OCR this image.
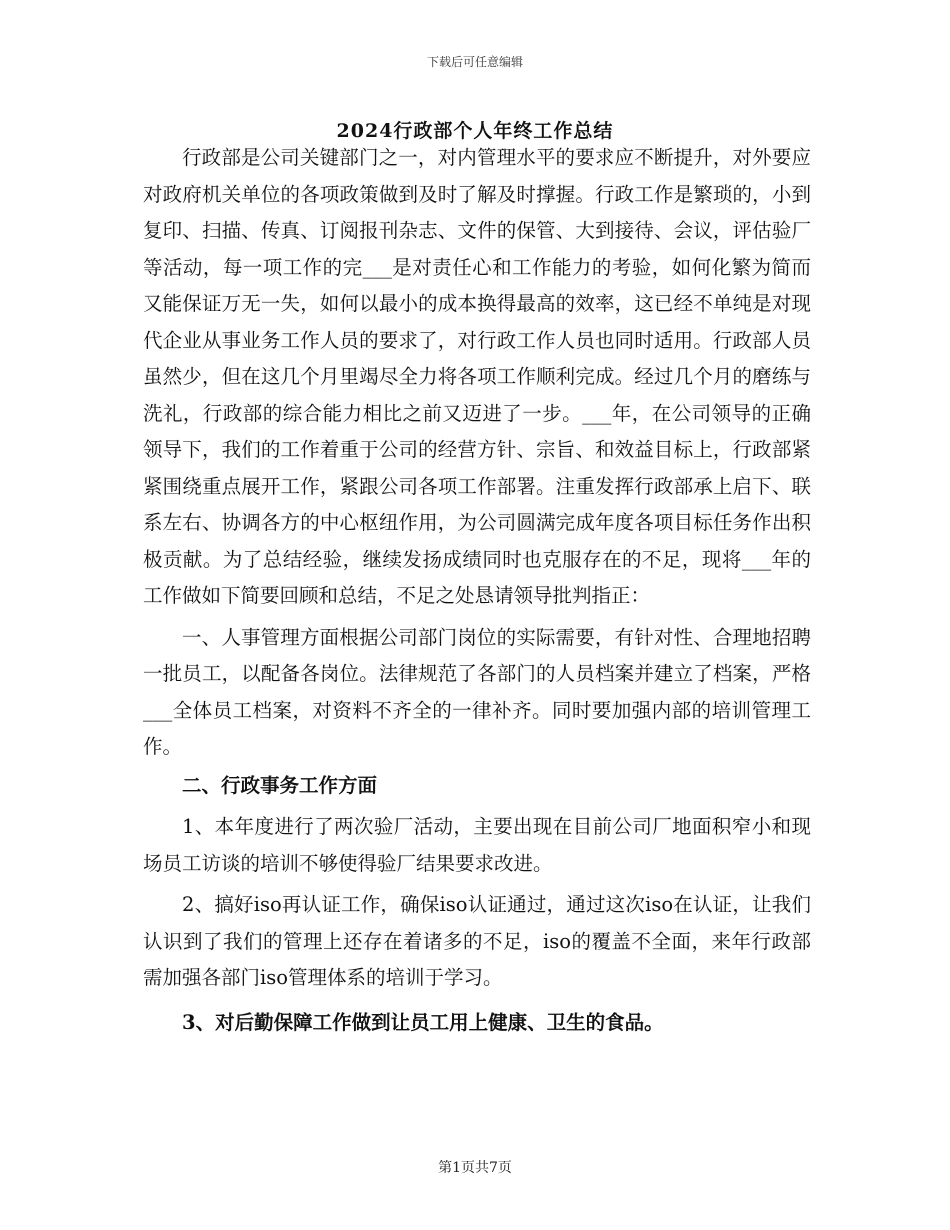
下载后可任意编辑
2024行政部个人年终工作总结

行政部是公司关键部门之一，对内管理水平的要求应不断提升，对外要应对政府机关单位的各项政策做到及时了解及时撑握。行政工作是繁琐的，小到复印、扫描、传真、订阅报刊杂志、文件的保管、大到接待、会议，评估验厂等活动，每一项工作的完___是对责任心和工作能力的考验，如何化繁为简而又能保证万无一失，如何以最小的成本换得最高的效率，这已经不单纯是对现代企业从事业务工作人员的要求了，对行政工作人员也同时适用。行政部人员虽然少，但在这几个月里竭尽全力将各项工作顺利完成。经过几个月的磨练与洗礼，行政部的综合能力相比之前又迈进了一步。___年，在公司领导的正确领导下，我们的工作着重于公司的经营方针、宗旨、和效益目标上，行政部紧紧围绕重点展开工作，紧跟公司各项工作部署。注重发挥行政部承上启下、联系左右、协调各方的中心枢纽作用，为公司圆满完成年度各项目标任务作出积极贡献。为了总结经验，继续发扬成绩同时也克服存在的不足，现将___年的工作做如下简要回顾和总结，不足之处恳请领导批判指正：

一、人事管理方面根据公司部门岗位的实际需要，有针对性、合理地招聘一批员工，以配备各岗位。法律规范了各部门的人员档案并建立了档案，严格___全体员工档案，对资料不齐全的一律补齐。同时要加强内部的培训管理工作。

二、行政事务工作方面

1、本年度进行了两次验厂活动，主要出现在目前公司厂地面积窄小和现场员工访谈的培训不够使得验厂结果要求改进。

2、搞好iso再认证工作，确保iso认证通过，通过这次iso在认证，让我们认识到了我们的管理上还存在着诸多的不足，iso的覆盖不全面，来年行政部需加强各部门iso管理体系的培训于学习。

3、对后勤保障工作做到让员工用上健康、卫生的食品。

第1页共7页
